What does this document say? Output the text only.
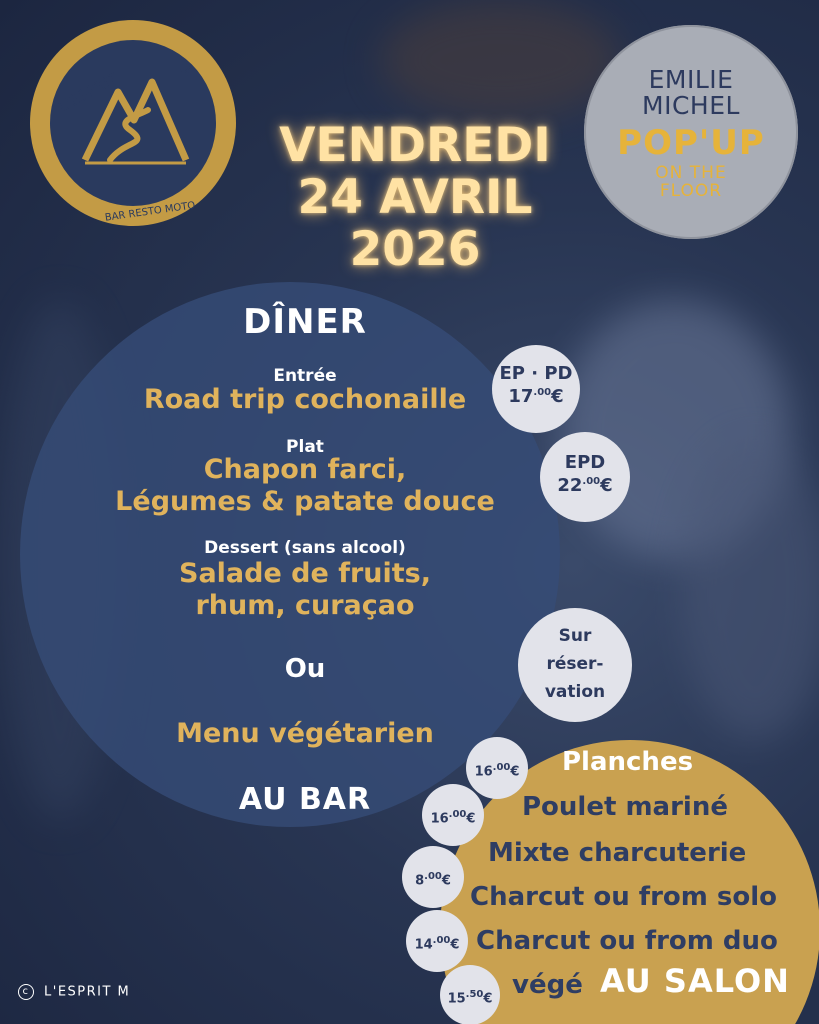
L'ESPRIT	M
BAR RESTO MOTO
EMILIE
MICHEL
POP'UP
ON THE
FLOOR
VENDREDI
24 AVRIL
2026
DÎNER
Entrée
Road trip cochonaille
Plat
Chapon farci,
Légumes & patate douce
Dessert (sans alcool)
Salade de fruits,
rhum, curaçao
Ou
Menu végétarien
AU BAR
EP · PD
$17^{.00}€$
EPD
$22^{.00}€$
Sur
réser-
vation
Planches
Poulet mariné
Mixte charcuterie
Charcut ou from solo
Charcut ou from duo
végé AU SALON
$16^{.00}€$
$16^{.00}€$
$8^{.00}€$
$14^{.00}€$
$15^{.50}€$
c L'ESPRIT M
